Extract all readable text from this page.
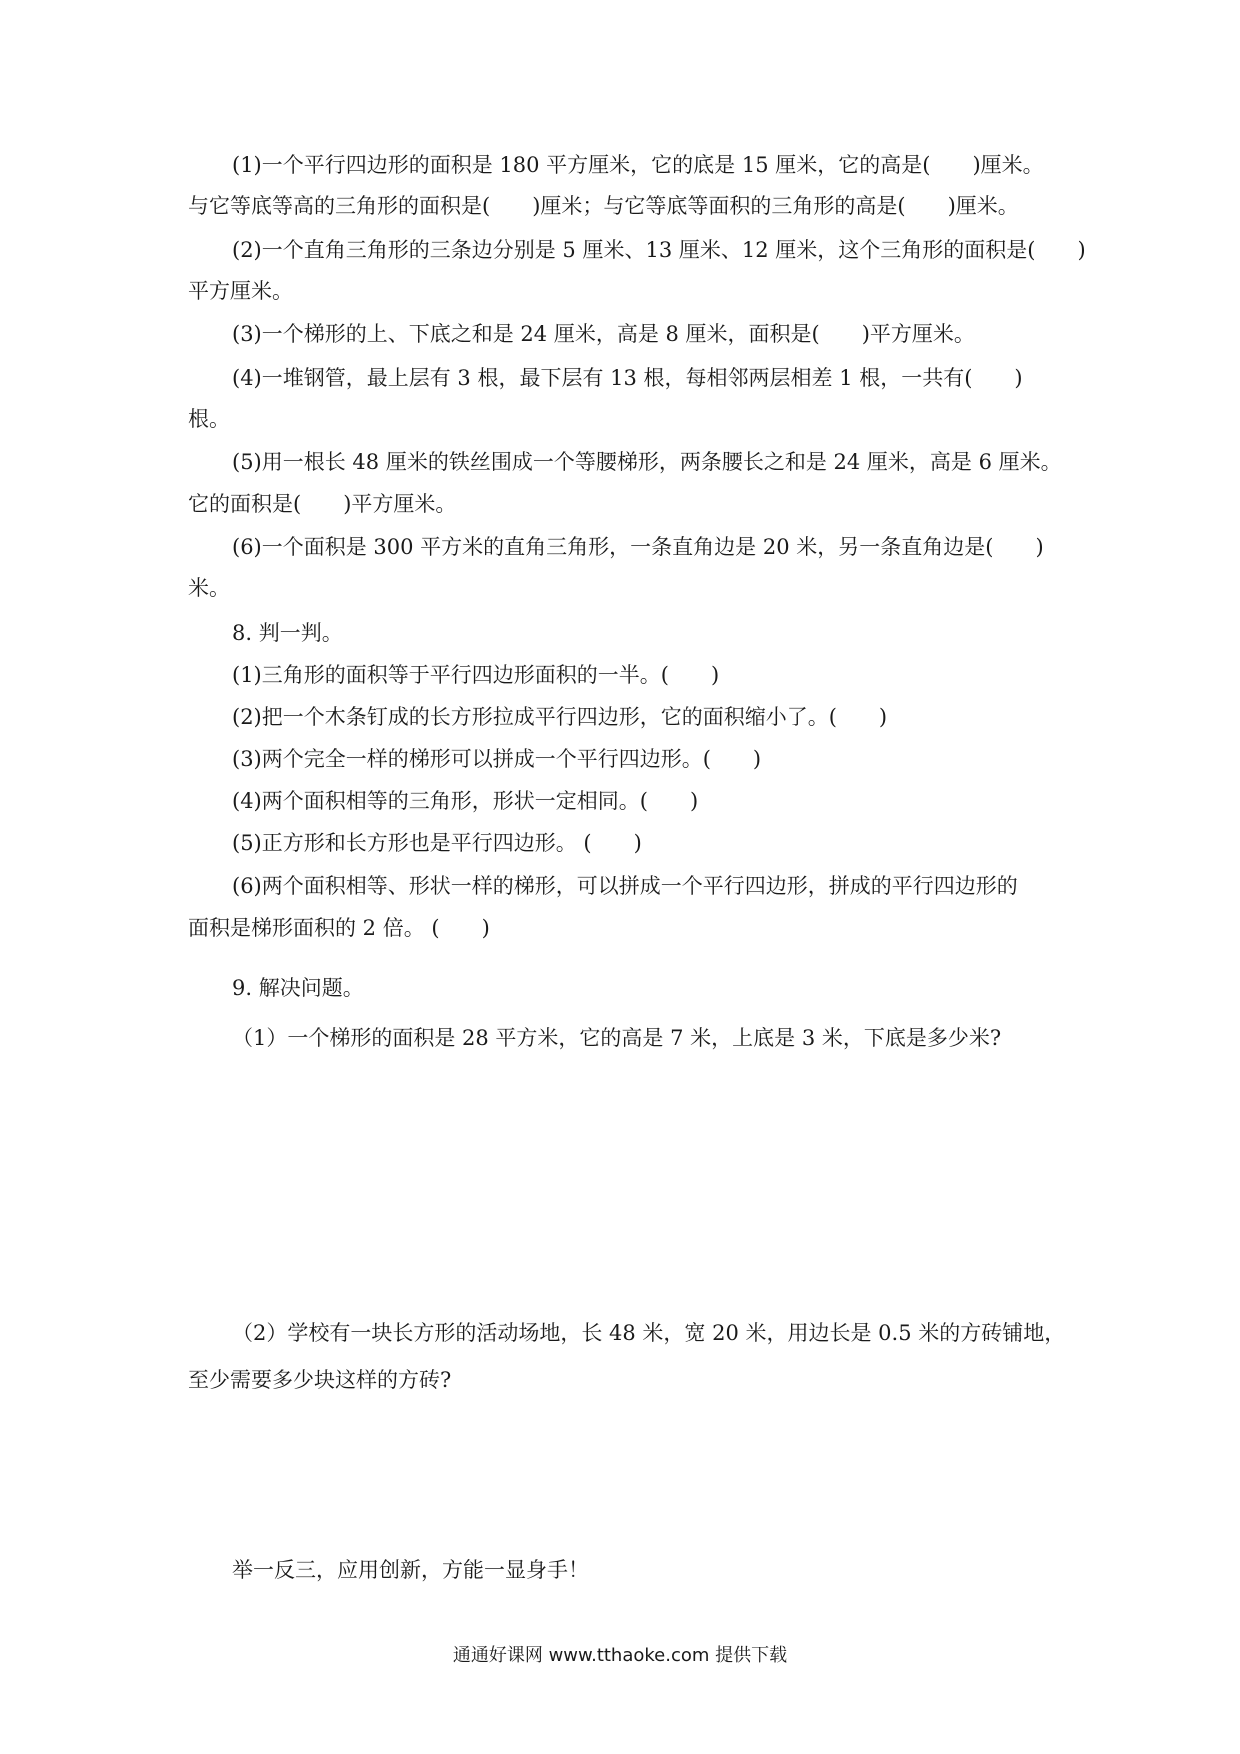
(1)一个平行四边形的面积是 180 平方厘米，它的底是 15 厘米，它的高是(　　)厘米。

与它等底等高的三角形的面积是(　　)厘米；与它等底等面积的三角形的高是(　　)厘米。

(2)一个直角三角形的三条边分别是 5 厘米、13 厘米、12 厘米，这个三角形的面积是(　　)

平方厘米。

(3)一个梯形的上、下底之和是 24 厘米，高是 8 厘米，面积是(　　)平方厘米。

(4)一堆钢管，最上层有 3 根，最下层有 13 根，每相邻两层相差 1 根，一共有(　　)

根。

(5)用一根长 48 厘米的铁丝围成一个等腰梯形，两条腰长之和是 24 厘米，高是 6 厘米。

它的面积是(　　)平方厘米。

(6)一个面积是 300 平方米的直角三角形，一条直角边是 20 米，另一条直角边是(　　)

米。

8. 判一判。

(1)三角形的面积等于平行四边形面积的一半。(　　)

(2)把一个木条钉成的长方形拉成平行四边形，它的面积缩小了。(　　)

(3)两个完全一样的梯形可以拼成一个平行四边形。(　　)

(4)两个面积相等的三角形，形状一定相同。(　　)

(5)正方形和长方形也是平行四边形。 (　　)

(6)两个面积相等、形状一样的梯形，可以拼成一个平行四边形，拼成的平行四边形的

面积是梯形面积的 2 倍。 (　　)

9. 解决问题。

（1）一个梯形的面积是 28 平方米，它的高是 7 米，上底是 3 米，下底是多少米?

（2）学校有一块长方形的活动场地，长 48 米，宽 20 米，用边长是 0.5 米的方砖铺地，

至少需要多少块这样的方砖?

举一反三，应用创新，方能一显身手！

通通好课网 www.tthaoke.com 提供下载
